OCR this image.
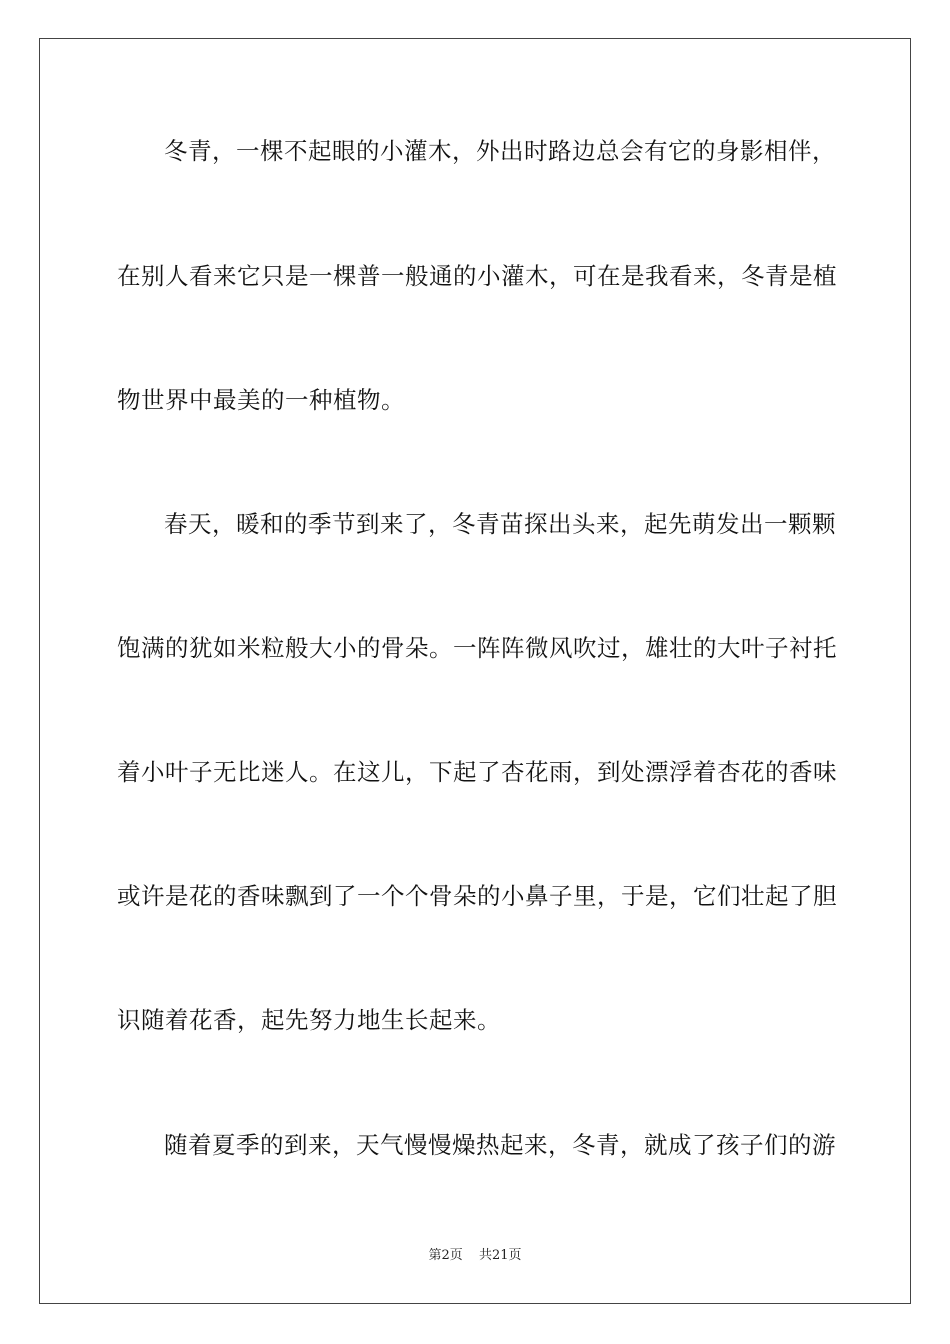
冬青，一棵不起眼的小灌木，外出时路边总会有它的身影相伴，
在别人看来它只是一棵普一般通的小灌木，可在是我看来，冬青是植
物世界中最美的一种植物。
春天，暖和的季节到来了，冬青苗探出头来，起先萌发出一颗颗
饱满的犹如米粒般大小的骨朵。一阵阵微风吹过，雄壮的大叶子衬托
着小叶子无比迷人。在这儿，下起了杏花雨，到处漂浮着杏花的香味
或许是花的香味飘到了一个个骨朵的小鼻子里，于是，它们壮起了胆
识随着花香，起先努力地生长起来。
随着夏季的到来，天气慢慢燥热起来，冬青，就成了孩子们的游
第2页 共21页
